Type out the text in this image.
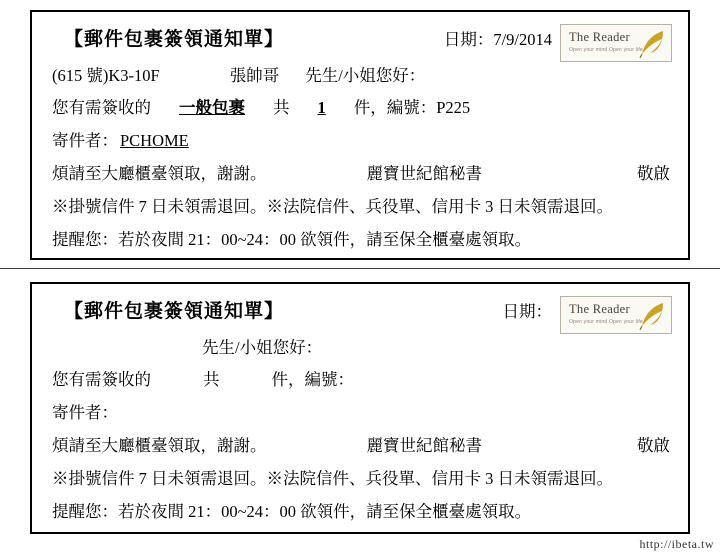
【郵件包裹簽領通知單】	日期：7/9/2014 The Reader
Open your mind Open your life
(615 號)K3-10F	張帥哥 先生/小姐您好：
您有需簽收的 一般包裹 共 1 件，編號： P225
寄件者： PCHOME
煩請至大廳櫃臺領取，謝謝。	麗寶世紀館秘書	敬啟
※掛號信件 7 日未領需退回。※法院信件、兵役單、信用卡 3 日未領需退回。
提醒您：若於夜間 21：00~24：00 欲領件，請至保全櫃臺處領取。
【郵件包裹簽領通知單】	日期： The Reader
Open your mind Open your life
先生/小姐您好：
您有需簽收的	共	件，編號：
寄件者：
煩請至大廳櫃臺領取，謝謝。	麗寶世紀館秘書	敬啟
※掛號信件 7 日未領需退回。※法院信件、兵役單、信用卡 3 日未領需退回。
提醒您：若於夜間 21：00~24：00 欲領件，請至保全櫃臺處領取。
http://ibeta.tw
